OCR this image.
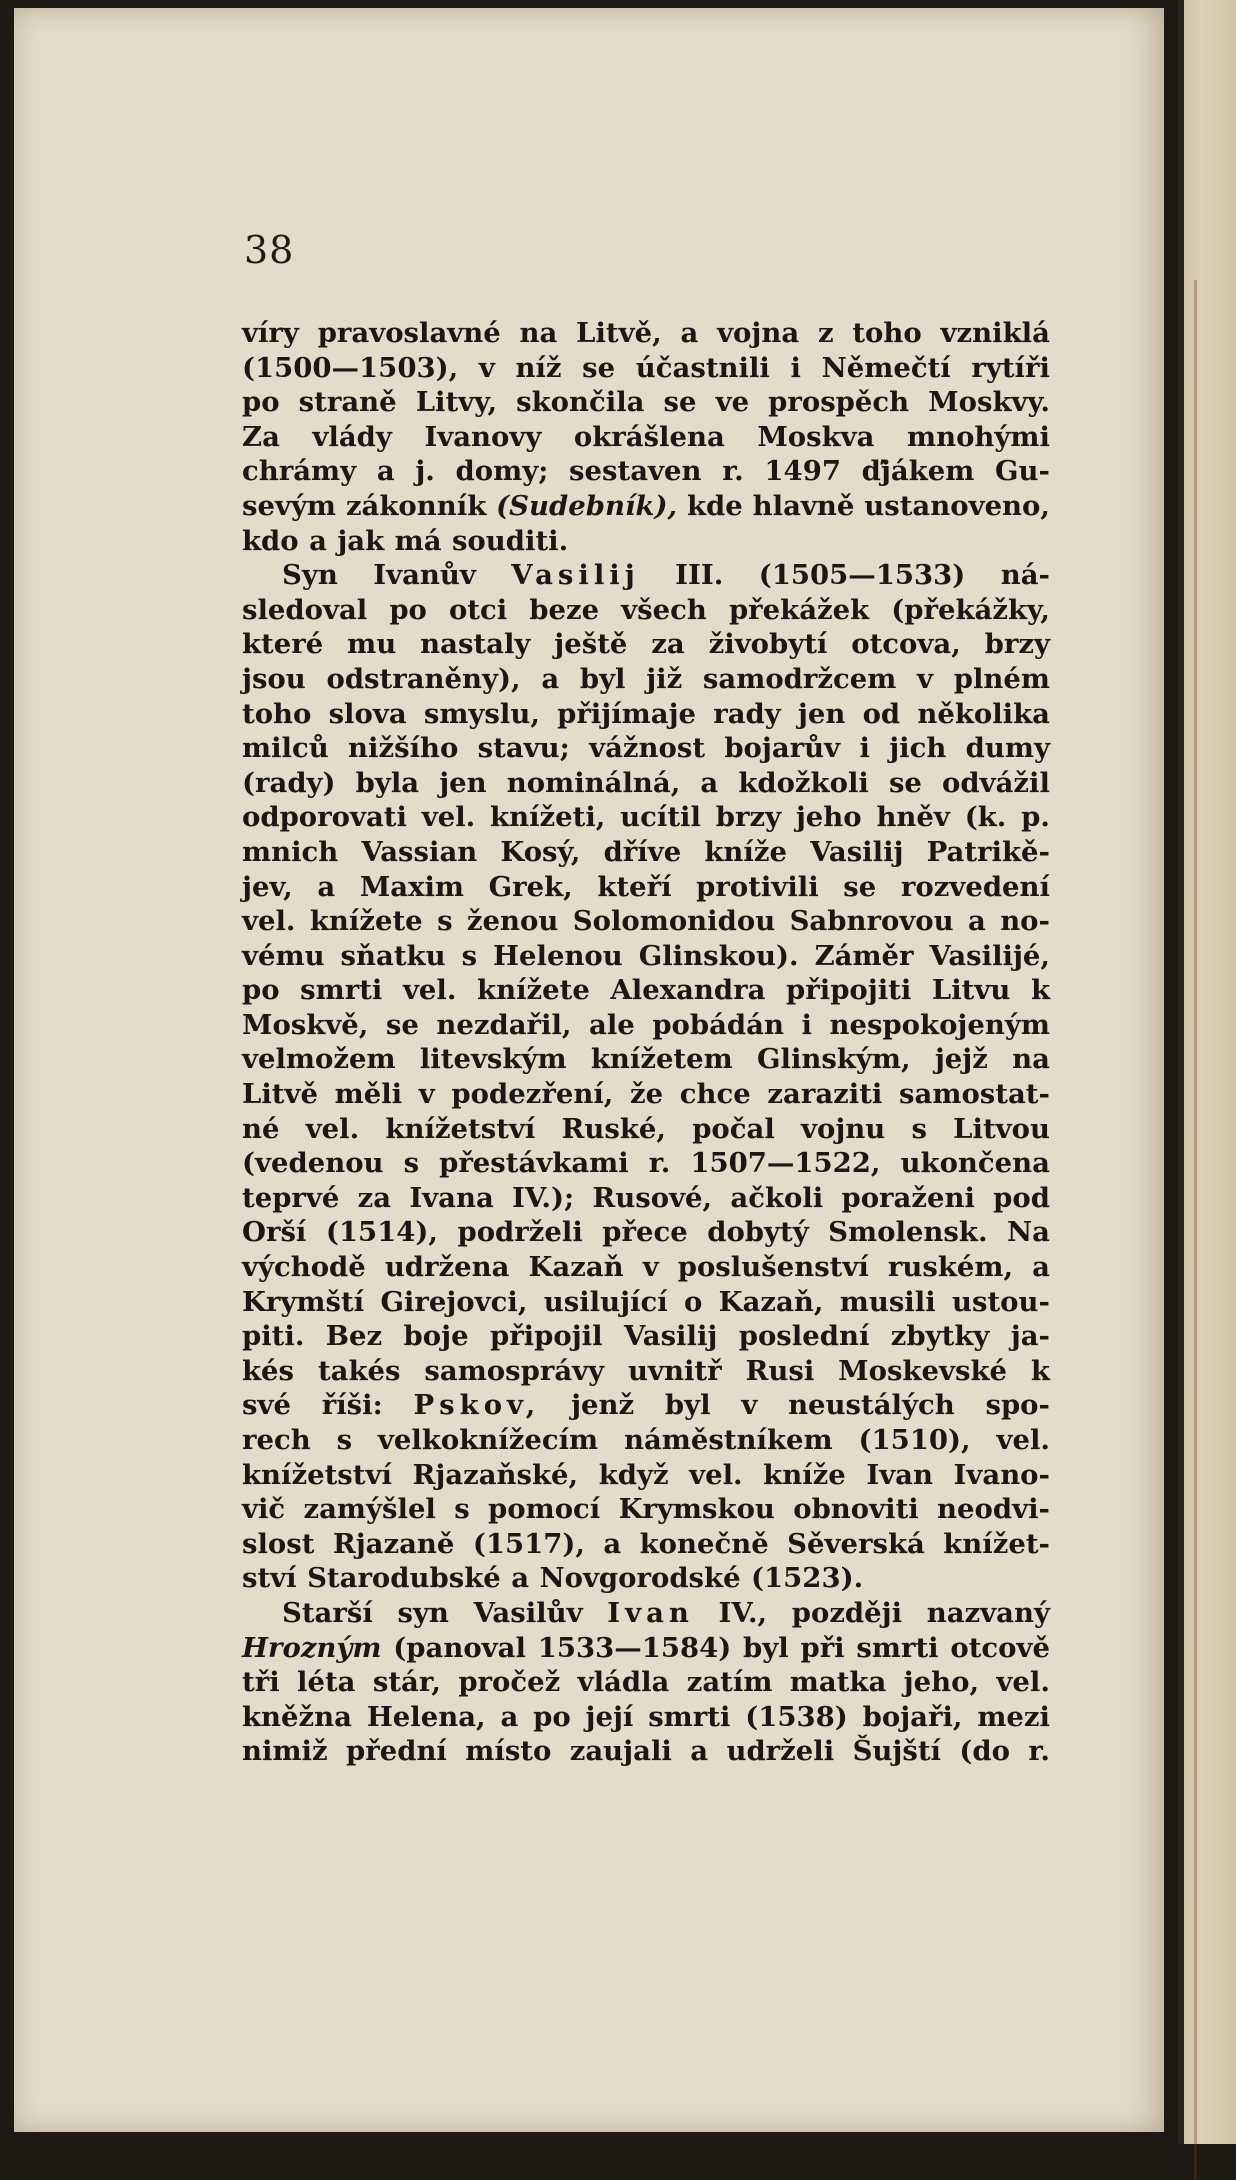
38
víry pravoslavné na Litvě, a vojna z toho vzniklá
(1500—1503), v níž se účastnili i Němečtí rytíři
po straně Litvy, skončila se ve prospěch Moskvy.
Za vlády Ivanovy okrášlena Moskva mnohými
chrámy a j. domy; sestaven r. 1497 ďjákem Gu-
sevým zákonník (Sudebník), kde hlavně ustanoveno,
kdo a jak má souditi.
Syn Ivanův Vasilij III. (1505—1533) ná-
sledoval po otci beze všech překážek (překážky,
které mu nastaly ještě za živobytí otcova, brzy
jsou odstraněny), a byl již samodržcem v plném
toho slova smyslu, přijímaje rady jen od několika
milců nižšího stavu; vážnost bojarův i jich dumy
(rady) byla jen nominálná, a kdožkoli se odvážil
odporovati vel. knížeti, ucítil brzy jeho hněv (k. p.
mnich Vassian Kosý, dříve kníže Vasilij Patrikě-
jev, a Maxim Grek, kteří protivili se rozvedení
vel. knížete s ženou Solomonidou Sabnrovou a no-
vému sňatku s Helenou Glinskou). Záměr Vasilijé,
po smrti vel. knížete Alexandra připojiti Litvu k
Moskvě, se nezdařil, ale pobádán i nespokojeným
velmožem litevským knížetem Glinským, jejž na
Litvě měli v podezření, že chce zaraziti samostat-
né vel. knížetství Ruské, počal vojnu s Litvou
(vedenou s přestávkami r. 1507—1522, ukončena
teprvé za Ivana IV.); Rusové, ačkoli poraženi pod
Orší (1514), podrželi přece dobytý Smolensk. Na
východě udržena Kazaň v poslušenství ruském, a
Krymští Girejovci, usilující o Kazaň, musili ustou-
piti. Bez boje připojil Vasilij poslední zbytky ja-
kés takés samosprávy uvnitř Rusi Moskevské k
své říši: Pskov, jenž byl v neustálých spo-
rech s velkoknížecím náměstníkem (1510), vel.
knížetství Rjazaňské, když vel. kníže Ivan Ivano-
vič zamýšlel s pomocí Krymskou obnoviti neodvi-
slost Rjazaně (1517), a konečně Sěverská knížet-
ství Starodubské a Novgorodské (1523).
Starší syn Vasilův Ivan IV., později nazvaný
Hrozným (panoval 1533—1584) byl při smrti otcově
tři léta stár, pročež vládla zatím matka jeho, vel.
kněžna Helena, a po její smrti (1538) bojaři, mezi
nimiž přední místo zaujali a udrželi Šujští (do r.
